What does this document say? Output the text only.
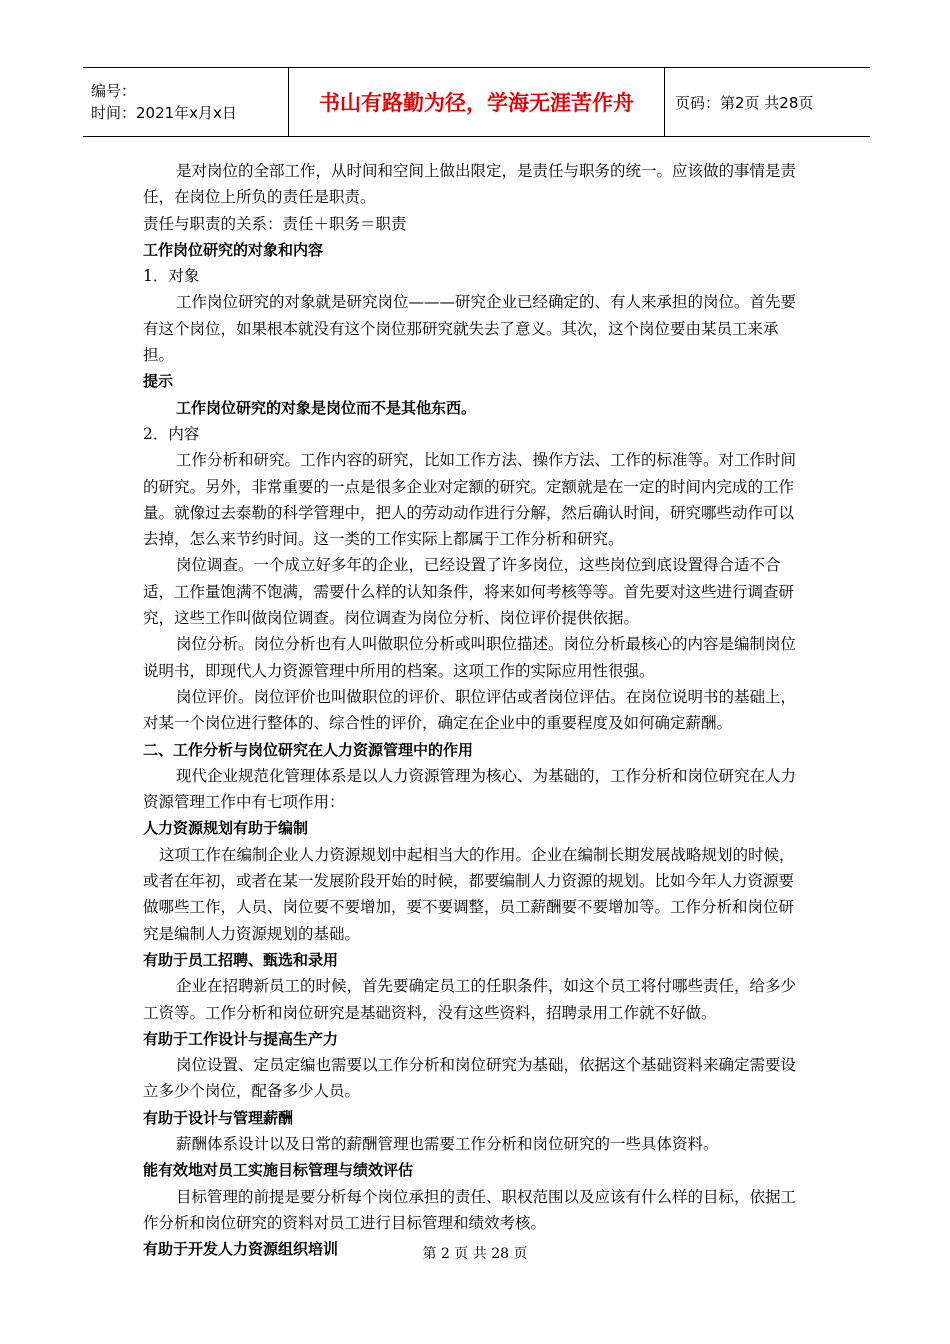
编号：
时间：2021年x月x日	书山有路勤为径，学海无涯苦作舟	页码：第2页 共28页

是对岗位的全部工作，从时间和空间上做出限定，是责任与职务的统一。应该做的事情是责任，在岗位上所负的责任是职责。

责任与职责的关系：责任＋职务＝职责

工作岗位研究的对象和内容

1．对象

工作岗位研究的对象就是研究岗位———研究企业已经确定的、有人来承担的岗位。首先要有这个岗位，如果根本就没有这个岗位那研究就失去了意义。其次，这个岗位要由某员工来承担。

提示

工作岗位研究的对象是岗位而不是其他东西。

2．内容

工作分析和研究。工作内容的研究，比如工作方法、操作方法、工作的标准等。对工作时间的研究。另外，非常重要的一点是很多企业对定额的研究。定额就是在一定的时间内完成的工作量。就像过去泰勒的科学管理中，把人的劳动动作进行分解，然后确认时间，研究哪些动作可以去掉，怎么来节约时间。这一类的工作实际上都属于工作分析和研究。

岗位调查。一个成立好多年的企业，已经设置了许多岗位，这些岗位到底设置得合适不合适，工作量饱满不饱满，需要什么样的认知条件，将来如何考核等等。首先要对这些进行调查研究，这些工作叫做岗位调查。岗位调查为岗位分析、岗位评价提供依据。

岗位分析。岗位分析也有人叫做职位分析或叫职位描述。岗位分析最核心的内容是编制岗位说明书，即现代人力资源管理中所用的档案。这项工作的实际应用性很强。

岗位评价。岗位评价也叫做职位的评价、职位评估或者岗位评估。在岗位说明书的基础上，对某一个岗位进行整体的、综合性的评价，确定在企业中的重要程度及如何确定薪酬。

二、工作分析与岗位研究在人力资源管理中的作用

现代企业规范化管理体系是以人力资源管理为核心、为基础的，工作分析和岗位研究在人力资源管理工作中有七项作用：

人力资源规划有助于编制

这项工作在编制企业人力资源规划中起相当大的作用。企业在编制长期发展战略规划的时候，或者在年初，或者在某一发展阶段开始的时候，都要编制人力资源的规划。比如今年人力资源要做哪些工作，人员、岗位要不要增加，要不要调整，员工薪酬要不要增加等。工作分析和岗位研究是编制人力资源规划的基础。

有助于员工招聘、甄选和录用

企业在招聘新员工的时候，首先要确定员工的任职条件，如这个员工将付哪些责任，给多少工资等。工作分析和岗位研究是基础资料，没有这些资料，招聘录用工作就不好做。

有助于工作设计与提高生产力

岗位设置、定员定编也需要以工作分析和岗位研究为基础，依据这个基础资料来确定需要设立多少个岗位，配备多少人员。

有助于设计与管理薪酬

薪酬体系设计以及日常的薪酬管理也需要工作分析和岗位研究的一些具体资料。

能有效地对员工实施目标管理与绩效评估

目标管理的前提是要分析每个岗位承担的责任、职权范围以及应该有什么样的目标，依据工作分析和岗位研究的资料对员工进行目标管理和绩效考核。

有助于开发人力资源组织培训	第 2 页 共 28 页
